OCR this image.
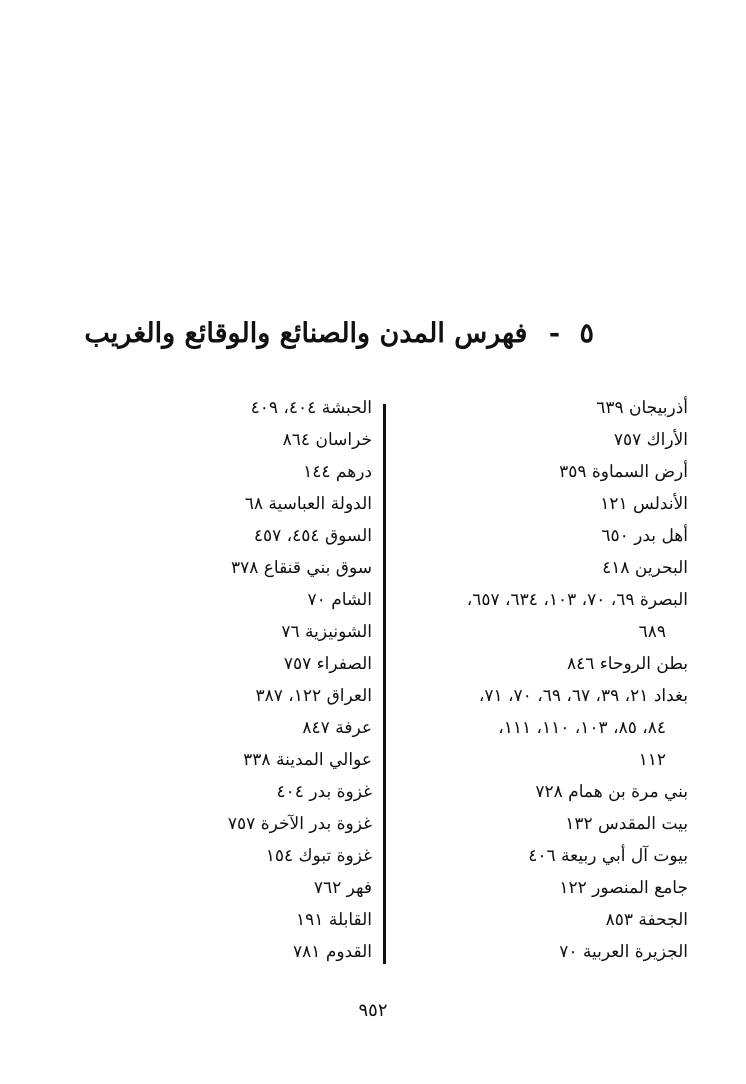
٥ - فهرس المدن والصنائع والوقائع والغريب
أذربيجان ٦٣٩
الأراك ٧٥٧
أرض السماوة ٣٥٩
الأندلس ١٢١
أهل بدر ٦٥٠
البحرين ٤١٨
البصرة ٦٩، ٧٠، ١٠٣، ٦٣٤، ٦٥٧،
٦٨٩
بطن الروحاء ٨٤٦
بغداد ٢١، ٣٩، ٦٧، ٦٩، ٧٠، ٧١،
٨٤، ٨٥، ١٠٣، ١١٠، ١١١،
١١٢
بني مرة بن همام ٧٢٨
بيت المقدس ١٣٢
بيوت آل أبي ربيعة ٤٠٦
جامع المنصور ١٢٢
الجحفة ٨٥٣
الجزيرة العربية ٧٠
الحبشة ٤٠٤، ٤٠٩
خراسان ٨٦٤
درهم ١٤٤
الدولة العباسية ٦٨
السوق ٤٥٤، ٤٥٧
سوق بني قنقاع ٣٧٨
الشام ٧٠
الشونيزية ٧٦
الصفراء ٧٥٧
العراق ١٢٢، ٣٨٧
عرفة ٨٤٧
عوالي المدينة ٣٣٨
غزوة بدر ٤٠٤
غزوة بدر الآخرة ٧٥٧
غزوة تبوك ١٥٤
فهر ٧٦٢
القابلة ١٩١
القدوم ٧٨١
٩٥٢
